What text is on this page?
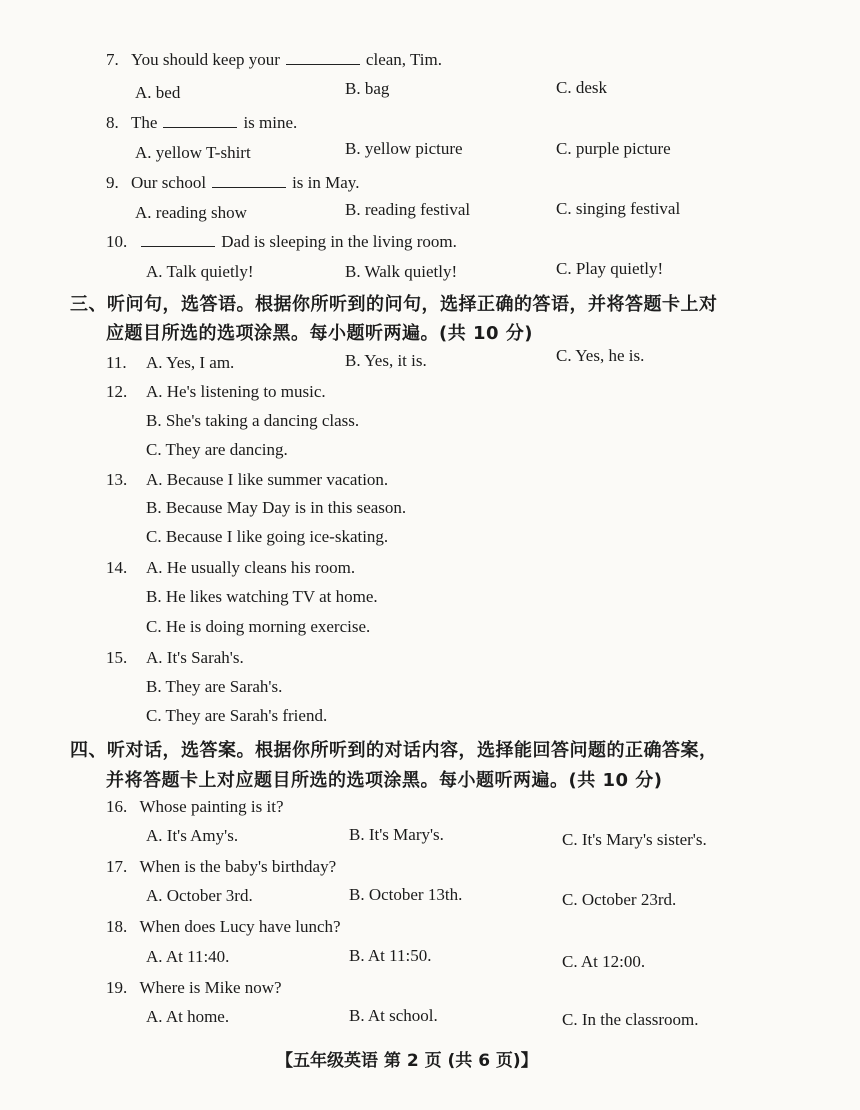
7. You should keep your	clean, Tim.
A. bed	B. bag	C. desk
8. The	is mine.
A. yellow T-shirt	B. yellow picture	C. purple picture
9. Our school	is in May.
A. reading show	B. reading festival	C. singing festival
10.	Dad is sleeping in the living room.
A. Talk quietly!	B. Walk quietly!	C. Play quietly!
三、听问句，选答语。根据你所听到的问句，选择正确的答语，并将答题卡上对
应题目所选的选项涂黑。每小题听两遍。(共 10 分)
11. A. Yes, I am.	B. Yes, it is.	C. Yes, he is.
12. A. He's listening to music.
B. She's taking a dancing class.
C. They are dancing.
13. A. Because I like summer vacation.
B. Because May Day is in this season.
C. Because I like going ice-skating.
14. A. He usually cleans his room.
B. He likes watching TV at home.
C. He is doing morning exercise.
15. A. It's Sarah's.
B. They are Sarah's.
C. They are Sarah's friend.
四、听对话，选答案。根据你所听到的对话内容，选择能回答问题的正确答案，
并将答题卡上对应题目所选的选项涂黑。每小题听两遍。(共 10 分)
16. Whose painting is it?
A. It's Amy's.	B. It's Mary's.	C. It's Mary's sister's.
17. When is the baby's birthday?
A. October 3rd.	B. October 13th.	C. October 23rd.
18. When does Lucy have lunch?
A. At 11:40.	B. At 11:50.	C. At 12:00.
19. Where is Mike now?
A. At home.	B. At school.	C. In the classroom.
【五年级英语 第 2 页 (共 6 页)】
